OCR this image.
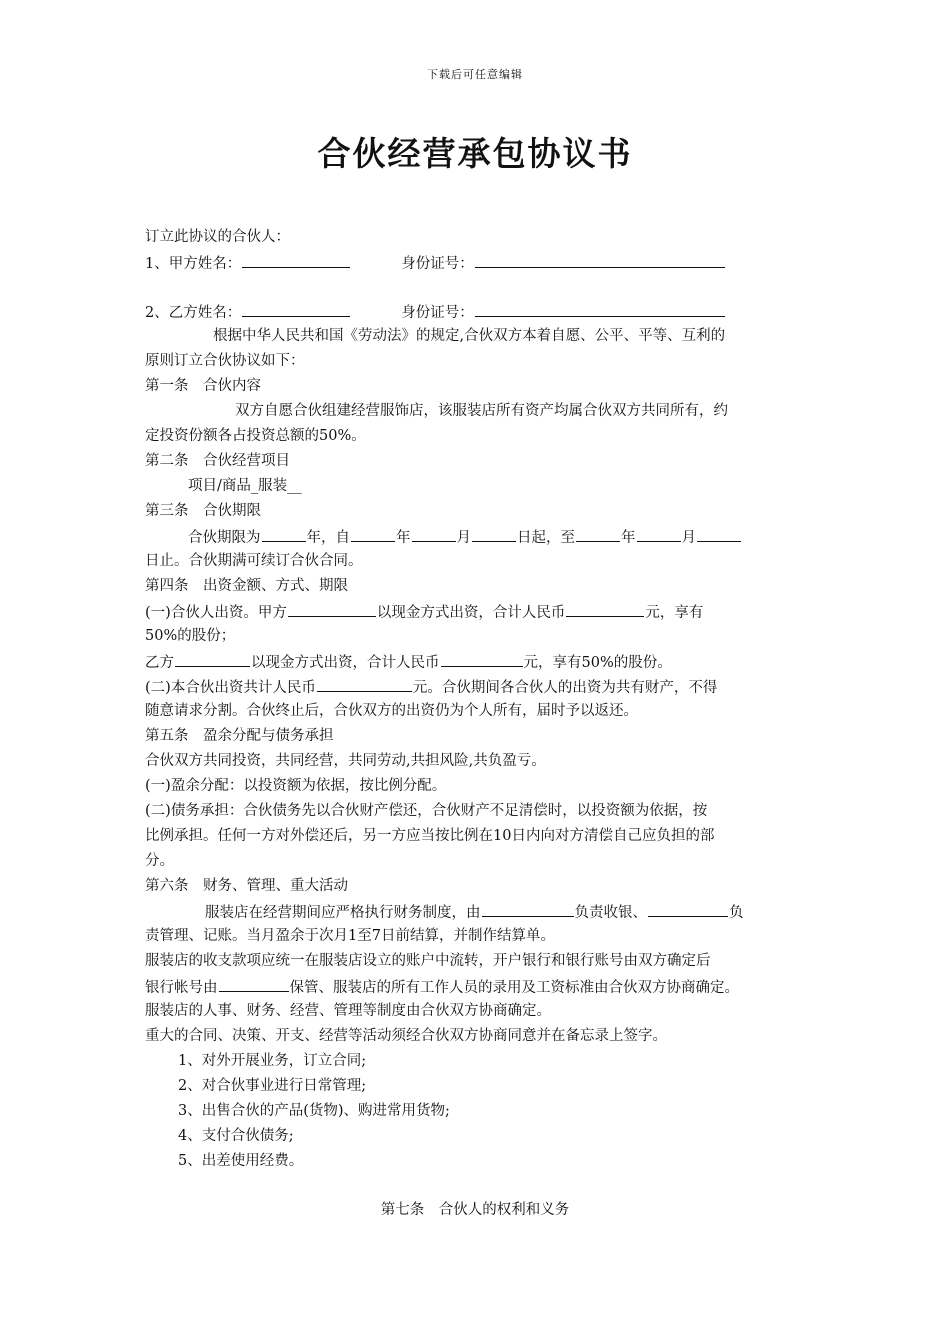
下载后可任意编辑
合伙经营承包协议书
订立此协议的合伙人：
1、甲方姓名：	身份证号：
2、乙方姓名：	身份证号：
根据中华人民共和国《劳动法》的规定,合伙双方本着自愿、公平、平等、互利的
原则订立合伙协议如下：
第一条　合伙内容
双方自愿合伙组建经营服饰店，该服装店所有资产均属合伙双方共同所有，约
定投资份额各占投资总额的50%。
第二条　合伙经营项目
项目/商品_服装__
第三条　合伙期限
合伙期限为	年，自	年	月	日起，至	年	月
日止。合伙期满可续订合伙合同。
第四条　出资金额、方式、期限
(一)合伙人出资。甲方	以现金方式出资，合计人民币	元，享有
50%的股份；
乙方	以现金方式出资，合计人民币	元，享有50%的股份。
(二)本合伙出资共计人民币	元。合伙期间各合伙人的出资为共有财产，不得
随意请求分割。合伙终止后，合伙双方的出资仍为个人所有，届时予以返还。
第五条　盈余分配与债务承担
合伙双方共同投资，共同经营，共同劳动,共担风险,共负盈亏。
(一)盈余分配：以投资额为依据，按比例分配。
(二)债务承担：合伙债务先以合伙财产偿还，合伙财产不足清偿时，以投资额为依据，按
比例承担。任何一方对外偿还后，另一方应当按比例在10日内向对方清偿自己应负担的部
分。
第六条　财务、管理、重大活动
服装店在经营期间应严格执行财务制度，由	负责收银、	负
责管理、记账。当月盈余于次月1至7日前结算，并制作结算单。
服装店的收支款项应统一在服装店设立的账户中流转，开户银行和银行账号由双方确定后
银行帐号由	保管、服装店的所有工作人员的录用及工资标准由合伙双方协商确定。
服装店的人事、财务、经营、管理等制度由合伙双方协商确定。
重大的合同、决策、开支、经营等活动须经合伙双方协商同意并在备忘录上签字。
1、对外开展业务，订立合同;
2、对合伙事业进行日常管理;
3、出售合伙的产品(货物)、购进常用货物;
4、支付合伙债务;
5、出差使用经费。
第七条　合伙人的权利和义务
